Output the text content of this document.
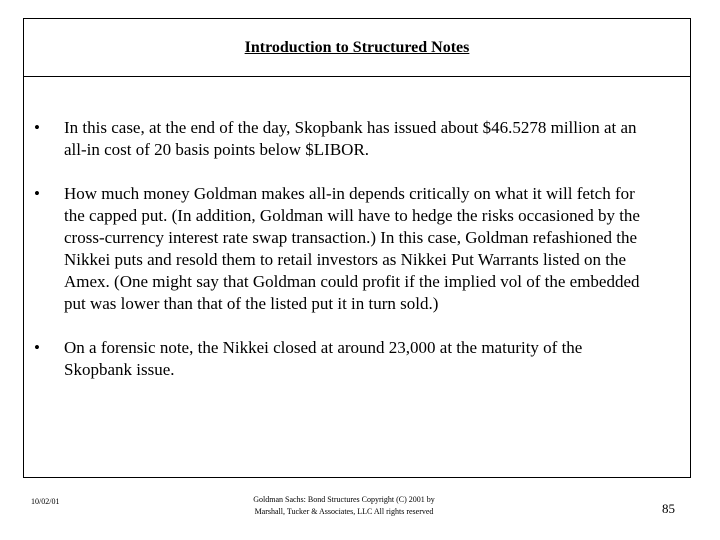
Introduction to Structured Notes
• In this case, at the end of the day, Skopbank has issued about $46.5278 million at an all-in cost of 20 basis points below $LIBOR.
• How much money Goldman makes all-in depends critically on what it will fetch for the capped put. (In addition, Goldman will have to hedge the risks occasioned by the cross-currency interest rate swap transaction.) In this case, Goldman refashioned the Nikkei puts and resold them to retail investors as Nikkei Put Warrants listed on the Amex. (One might say that Goldman could profit if the implied vol of the embedded put was lower than that of the listed put it in turn sold.)
• On a forensic note, the Nikkei closed at around 23,000 at the maturity of the Skopbank issue.
10/02/01	Goldman Sachs: Bond Structures Copyright (C) 2001 by Marshall, Tucker & Associates, LLC All rights reserved	85
